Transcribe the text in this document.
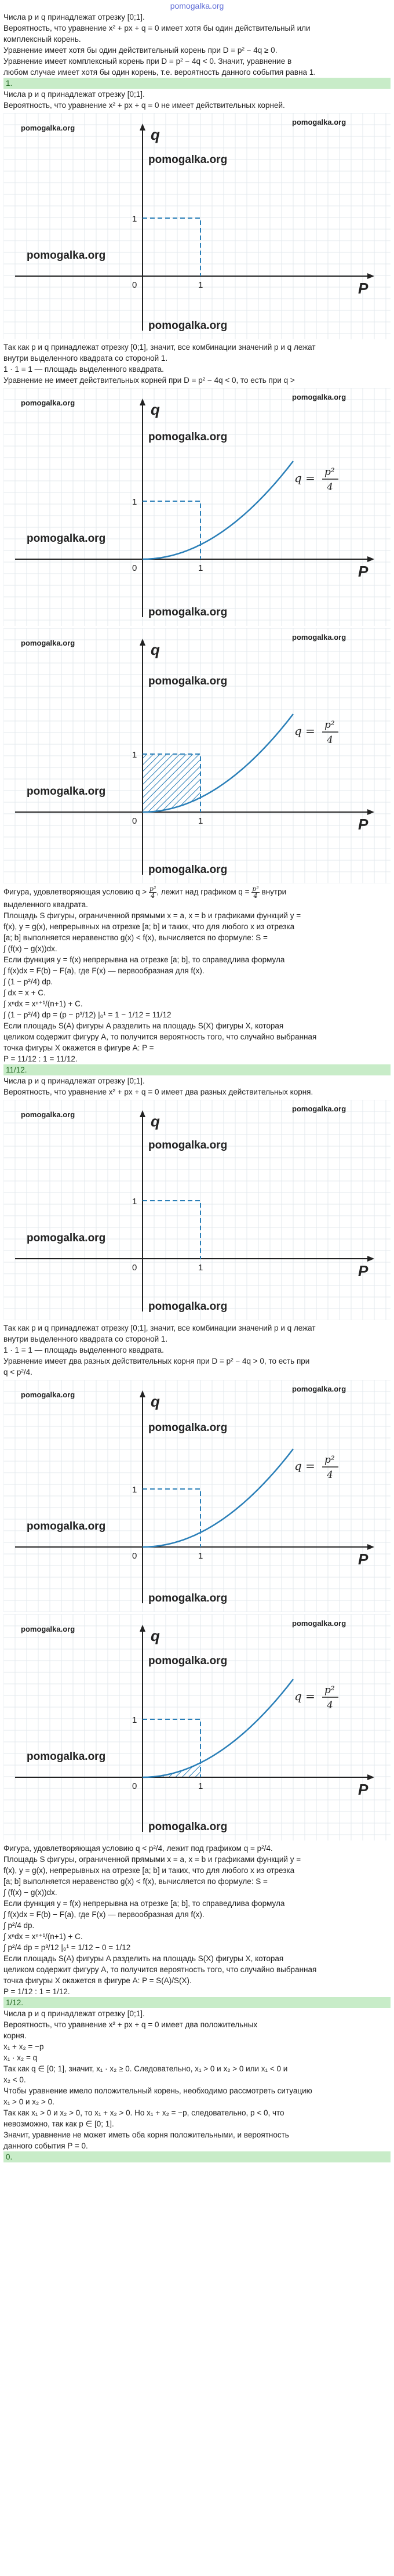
pomogalka.org
Числа p и q принадлежат отрезку [0;1].
Вероятность, что уравнение x² + px + q = 0 имеет хотя бы один действительный или
комплексный корень.
Уравнение имеет хотя бы один действительный корень при D = p² − 4q ≥ 0.
Уравнение имеет комплексный корень при D = p² − 4q < 0. Значит, уравнение в
любом случае имеет хотя бы один корень, т.е. вероятность данного события равна 1.
1.
Числа p и q принадлежат отрезку [0;1].
Вероятность, что уравнение x² + px + q = 0 не имеет действительных корней.
q
P
1
1
0
pomogalka.org
pomogalka.org
pomogalka.org
pomogalka.org
pomogalka.org
Так как p и q принадлежат отрезку [0;1], значит, все комбинации значений p и q лежат
внутри выделенного квадрата со стороной 1.
1 · 1 = 1 — площадь выделенного квадрата.
Уравнение не имеет действительных корней при D = p² − 4q < 0, то есть при q >
q = p²
4
q
P
1
1
0
pomogalka.org
pomogalka.org
pomogalka.org
pomogalka.org
pomogalka.org
q = p²
4
q
P
1
1
0
pomogalka.org
pomogalka.org
pomogalka.org
pomogalka.org
pomogalka.org
Фигура, удовлетворяющая условию $q > \frac{\text{p²}}{4}$ , лежит над графиком $q = \frac{\text{p²}}{4}$ внутри
выделенного квадрата.
Площадь S фигуры, ограниченной прямыми x = a, x = b и графиками функций y =
f(x), y = g(x), непрерывных на отрезке [a; b] и таких, что для любого x из отрезка
[a; b] выполняется неравенство g(x) < f(x), вычисляется по формуле: S =
∫ (f(x) − g(x))dx.
Если функция y = f(x) непрерывна на отрезке [a; b], то справедлива формула
∫ f(x)dx = F(b) − F(a), где F(x) — первообразная для f(x).
∫ (1 − p²/4) dp.
∫ dx = x + C.
∫ xⁿdx = xⁿ⁺¹/(n+1) + C.
∫ (1 − p²/4) dp = (p − p³/12) |₀¹ = 1 − 1/12 = 11/12
Если площадь S(A) фигуры A разделить на площадь S(X) фигуры X, которая
целиком содержит фигуру A, то получится вероятность того, что случайно выбранная
точка фигуры X окажется в фигуре A: P =
P = 11/12 : 1 = 11/12.
11/12.
Числа p и q принадлежат отрезку [0;1].
Вероятность, что уравнение x² + px + q = 0 имеет два разных действительных корня.
q
P
1
1
0
pomogalka.org
pomogalka.org
pomogalka.org
pomogalka.org
pomogalka.org
Так как p и q принадлежат отрезку [0;1], значит, все комбинации значений p и q лежат
внутри выделенного квадрата со стороной 1.
1 · 1 = 1 — площадь выделенного квадрата.
Уравнение имеет два разных действительных корня при D = p² − 4q > 0, то есть при
q < p²/4.
q = p²
4
q
P
1
1
0
pomogalka.org
pomogalka.org
pomogalka.org
pomogalka.org
pomogalka.org
q = p²
4
q
P
1
1
0
pomogalka.org
pomogalka.org
pomogalka.org
pomogalka.org
pomogalka.org
Фигура, удовлетворяющая условию q < p²/4, лежит под графиком q = p²/4.
Площадь S фигуры, ограниченной прямыми x = a, x = b и графиками функций y =
f(x), y = g(x), непрерывных на отрезке [a; b] и таких, что для любого x из отрезка
[a; b] выполняется неравенство g(x) < f(x), вычисляется по формуле: S =
∫ (f(x) − g(x))dx.
Если функция y = f(x) непрерывна на отрезке [a; b], то справедлива формула
∫ f(x)dx = F(b) − F(a), где F(x) — первообразная для f(x).
∫ p²/4 dp.
∫ xⁿdx = xⁿ⁺¹/(n+1) + C.
∫ p²/4 dp = p³/12 |₀¹ = 1/12 − 0 = 1/12
Если площадь S(A) фигуры A разделить на площадь S(X) фигуры X, которая
целиком содержит фигуру A, то получится вероятность того, что случайно выбранная
точка фигуры X окажется в фигуре A: P = S(A)/S(X).
P = 1/12 : 1 = 1/12.
1/12.
Числа p и q принадлежат отрезку [0;1].
Вероятность, что уравнение x² + px + q = 0 имеет два положительных
корня.
x₁ + x₂ = −p
x₁ · x₂ = q
Так как q ∈ [0; 1], значит, x₁ · x₂ ≥ 0. Следовательно, x₁ > 0 и x₂ > 0 или x₁ < 0 и
x₂ < 0.
Чтобы уравнение имело положительный корень, необходимо рассмотреть ситуацию
x₁ > 0 и x₂ > 0.
Так как x₁ > 0 и x₂ > 0, то x₁ + x₂ > 0. Но x₁ + x₂ = −p, следовательно, p < 0, что
невозможно, так как p ∈ [0; 1].
Значит, уравнение не может иметь оба корня положительными, и вероятность
данного события P = 0.
0.
